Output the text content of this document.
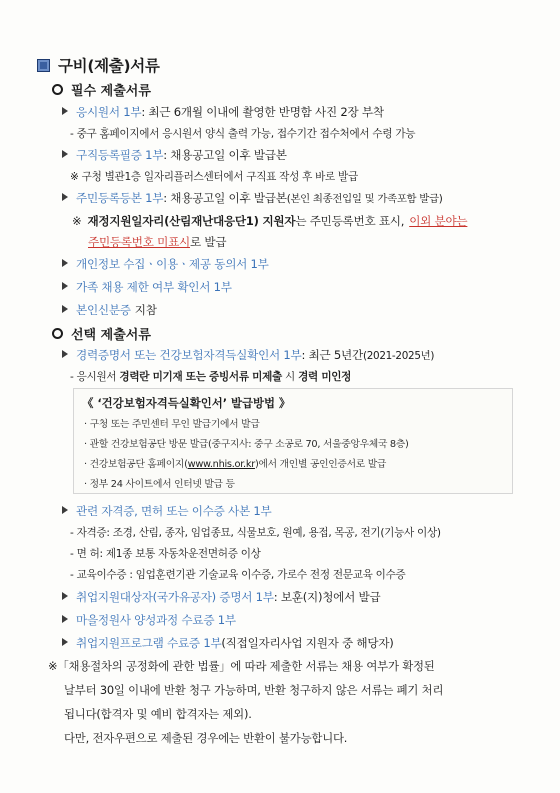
구비(제출)서류
필수 제출서류
응시원서 1부 : 최근 6개월 이내에 촬영한 반명함 사진 2장 부착
- 중구 홈페이지에서 응시원서 양식 출력 가능, 접수기간 접수처에서 수령 가능
구직등록필증 1부 : 채용공고일 이후 발급본
※ 구청 별관1층 일자리플러스센터에서 구직표 작성 후 바로 발급
주민등록등본 1부 : 채용공고일 이후 발급본 (본인 최종전입일 및 가족포함 발급)
※ 재정지원일자리(산림재난대응단1) 지원자 는 주민등록번호 표시, 이외 분야는
주민등록번호 미표시 로 발급
개인정보 수집ㆍ이용ㆍ제공 동의서 1부
가족 채용 제한 여부 확인서 1부
본인신분증 지참
선택 제출서류
경력증명서 또는 건강보험자격득실확인서 1부 : 최근 5년간 (2021-2025년)
- 응시원서 경력란 미기재 또는 증빙서류 미제출 시 경력 미인정
《 ‘건강보험자격득실확인서’ 발급방법 》
· 구청 또는 주민센터 무인 발급기에서 발급
· 관할 건강보험공단 방문 발급(중구지사: 중구 소공로 70, 서울중앙우체국 8층)
· 건강보험공단 홈페이지(www.nhis.or.kr)에서 개인별 공인인증서로 발급
· 정부 24 사이트에서 인터넷 발급 등
관련 자격증, 면허 또는 이수증 사본 1부
- 자격증: 조경, 산림, 종자, 임업종묘, 식물보호, 원예, 용접, 목공, 전기(기능사 이상)
- 면 허: 제1종 보통 자동차운전면허증 이상
- 교육이수증 : 임업훈련기관 기술교육 이수증, 가로수 전정 전문교육 이수증
취업지원대상자(국가유공자) 증명서 1부 : 보훈(지)청에서 발급
마을정원사 양성과정 수료증 1부
취업지원프로그램 수료증 1부 (직접일자리사업 지원자 중 해당자)
※「채용절차의 공정화에 관한 법률」에 따라 제출한 서류는 채용 여부가 확정된
날부터 30일 이내에 반환 청구 가능하며, 반환 청구하지 않은 서류는 폐기 처리
됩니다(합격자 및 예비 합격자는 제외).
다만, 전자우편으로 제출된 경우에는 반환이 불가능합니다.
